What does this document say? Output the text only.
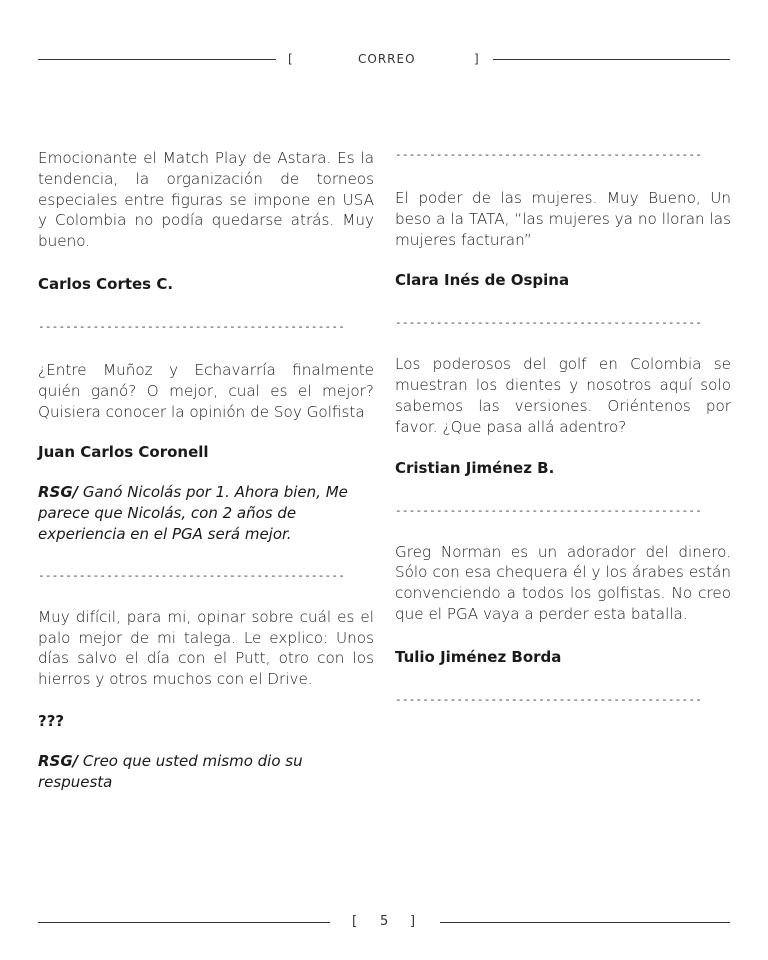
[	CORREO	]

Emocionante el Match Play de Astara. Es la tendencia, la organización de torneos especiales entre figuras se impone en USA y Colombia no podía quedarse atrás. Muy bueno.

Carlos Cortes C.

---------------------------------------------

¿Entre Muñoz y Echavarría finalmente quién ganó? O mejor, cual es el mejor? Quisiera conocer la opinión de Soy Golfista

Juan Carlos Coronell

RSG/ Ganó Nicolás por 1. Ahora bien, Me parece que Nicolás, con 2 años de experiencia en el PGA será mejor.

---------------------------------------------

Muy difícil, para mi, opinar sobre cuál es el palo mejor de mi talega. Le explico: Unos días salvo el día con el Putt, otro con los hierros y otros muchos con el Drive.

???

RSG/ Creo que usted mismo dio su respuesta

---------------------------------------------

El poder de las mujeres. Muy Bueno, Un beso a la TATA, “las mujeres ya no lloran las mujeres facturan”

Clara Inés de Ospina

---------------------------------------------

Los poderosos del golf en Colombia se muestran los dientes y nosotros aquí solo sabemos las versiones. Oriéntenos por favor. ¿Que pasa allá adentro?

Cristian Jiménez B.

---------------------------------------------

Greg Norman es un adorador del dinero. Sólo con esa chequera él y los árabes están convenciendo a todos los golfistas. No creo que el PGA vaya a perder esta batalla.

Tulio Jiménez Borda

---------------------------------------------

[ 5 ]
